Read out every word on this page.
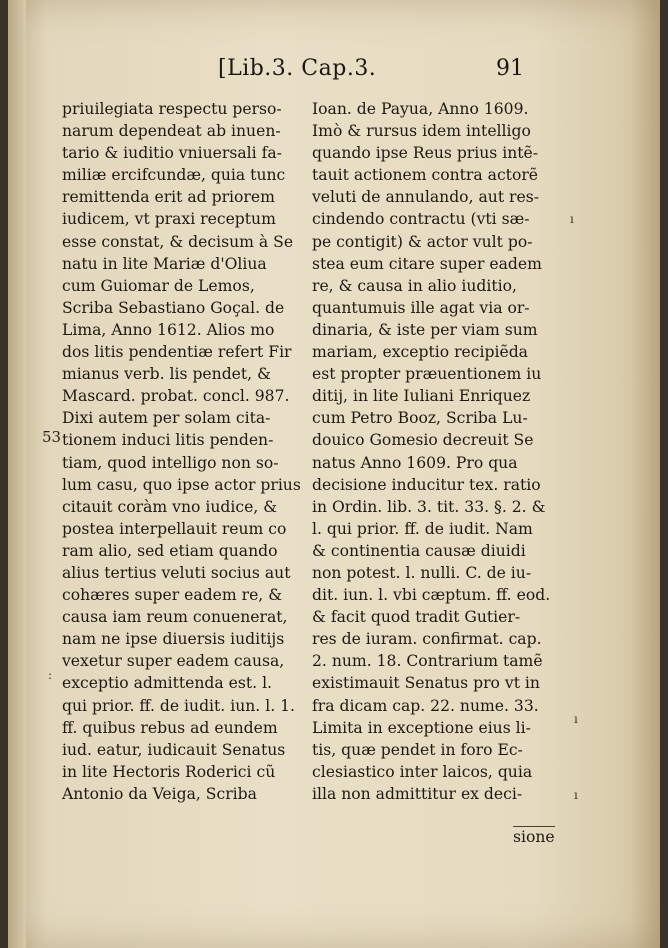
[Lib.3. Cap.3.	91
53
ı
:
ı
ı
priuilegiata respectu perso-
narum dependeat ab inuen-
tario & iuditio vniuersali fa-
miliæ ercifcundæ, quia tunc
remittenda erit ad priorem
iudicem, vt praxi receptum
esse constat, & decisum à Se
natu in lite Mariæ d'Oliua
cum Guiomar de Lemos,
Scriba Sebastiano Goçal. de
Lima, Anno 1612. Alios mo
dos litis pendentiæ refert Fir
mianus verb. lis pendet, &
Mascard. probat. concl. 987.
Dixi autem per solam cita-
tionem induci litis penden-
tiam, quod intelligo non so-
lum casu, quo ipse actor prius
citauit coràm vno iudice, &
postea interpellauit reum co
ram alio, sed etiam quando
alius tertius veluti socius aut
cohæres super eadem re, &
causa iam reum conuenerat,
nam ne ipse diuersis iuditijs
vexetur super eadem causa,
exceptio admittenda est. l.
qui prior. ff. de iudit. iun. l. 1.
ff. quibus rebus ad eundem
iud. eatur, iudicauit Senatus
in lite Hectoris Roderici cũ
Antonio da Veiga, Scriba
Ioan. de Payua, Anno 1609.
Imò & rursus idem intelligo
quando ipse Reus prius intẽ-
tauit actionem contra actorẽ
veluti de annulando, aut res-
cindendo contractu (vti sæ-
pe contigit) & actor vult po-
stea eum citare super eadem
re, & causa in alio iuditio,
quantumuis ille agat via or-
dinaria, & iste per viam sum
mariam, exceptio recipiẽda
est propter præuentionem iu
ditij, in lite Iuliani Enriquez
cum Petro Booz, Scriba Lu-
douico Gomesio decreuit Se
natus Anno 1609. Pro qua
decisione inducitur tex. ratio
in Ordin. lib. 3. tit. 33. §. 2. &
l. qui prior. ff. de iudit. Nam
& continentia causæ diuidi
non potest. l. nulli. C. de iu-
dit. iun. l. vbi cæptum. ff. eod.
& facit quod tradit Gutier-
res de iuram. confirmat. cap.
2. num. 18. Contrarium tamẽ
existimauit Senatus pro vt in
fra dicam cap. 22. nume. 33.
Limita in exceptione eius li-
tis, quæ pendet in foro Ec-
clesiastico inter laicos, quia
illa non admittitur ex deci-
sione
